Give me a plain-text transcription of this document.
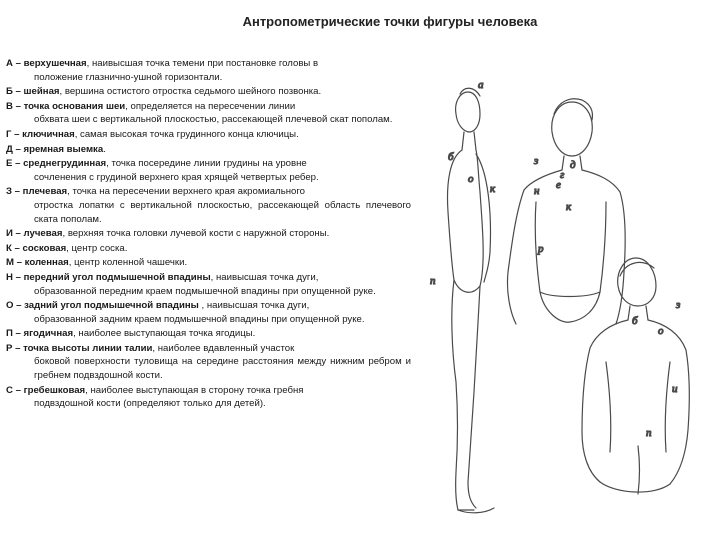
Антропометрические точки фигуры человека
А – верхушечная, наивысшая точка темени при постановке головы в
положение глазнично-ушной горизонтали.
Б – шейная, вершина остистого отростка седьмого шейного позвонка.
В – точка основания шеи, определяется на пересечении линии
обхвата шеи с вертикальной плоскостью, рассекающей плечевой скат пополам.
Г – ключичная, самая высокая точка грудинного конца ключицы.
Д – яремная выемка.
Е – среднегрудинная, точка посередине линии грудины на уровне
сочленения с грудиной верхнего края хрящей четвертых ребер.
З – плечевая, точка на пересечении верхнего края акромиального
отростка лопатки с вертикальной плоскостью, рассекающей область плечевого ската пополам.
И – лучевая, верхняя точка головки лучевой кости с наружной стороны.
К – сосковая, центр соска.
М – коленная, центр коленной чашечки.
Н – передний угол подмышечной впадины, наивысшая точка дуги,
образованной передним краем подмышечной впадины при опущенной руке.
О – задний угол подмышечной впадины , наивысшая точка дуги,
образованной задним краем подмышечной впадины при опущенной руке.
П – ягодичная, наиболее выступающая точка ягодицы.
Р – точка высоты линии талии, наиболее вдавленный участок
боковой поверхности туловища на середине расстояния между нижним ребром и гребнем подвздошной кости.
С – гребешковая, наиболее выступающая в сторону точка гребня
подвздошной кости (определяют только для детей).
а
б
о
к
п
з
г
д
н
к
р
е
з
б
о
и
п
